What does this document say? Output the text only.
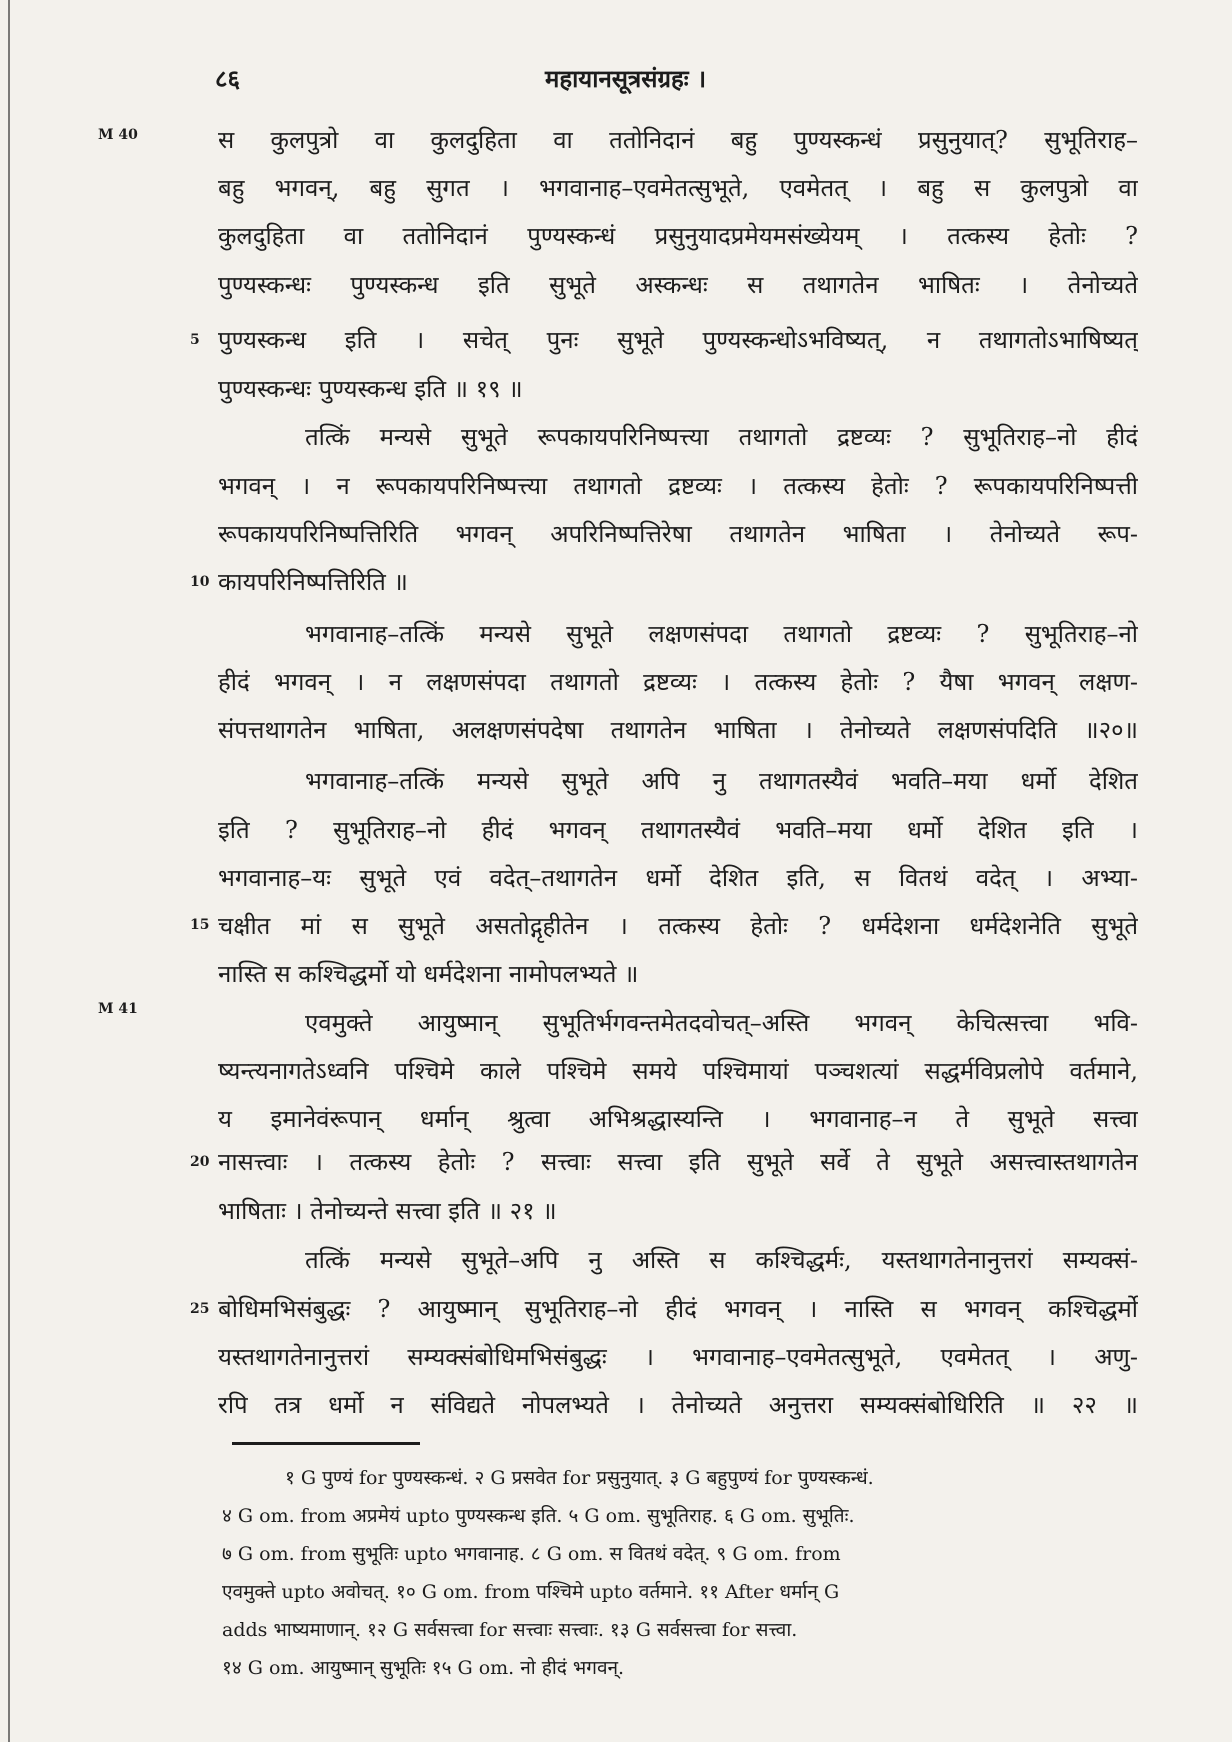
८६	महायानसूत्रसंग्रहः ।
M 40
M 41
5
10
15
20
25
स कुलपुत्रो वा कुलदुहिता वा ततोनिदानं बहु पुण्यस्कन्धं प्रसुनुयात्? सुभूतिराह–
बहु भगवन्, बहु सुगत । भगवानाह–एवमेतत्सुभूते, एवमेतत् । बहु स कुलपुत्रो वा
कुलदुहिता वा ततोनिदानं पुण्यस्कन्धं प्रसुनुयादप्रमेयमसंख्येयम् । तत्कस्य हेतोः ?
पुण्यस्कन्धः पुण्यस्कन्ध इति सुभूते अस्कन्धः स तथागतेन भाषितः । तेनोच्यते
पुण्यस्कन्ध इति । सचेत् पुनः सुभूते पुण्यस्कन्धोऽभविष्यत्, न तथागतोऽभाषिष्यत्
पुण्यस्कन्धः पुण्यस्कन्ध इति ॥ १९ ॥
तत्किं मन्यसे सुभूते रूपकायपरिनिष्पत्त्या तथागतो द्रष्टव्यः ? सुभूतिराह–नो हीदं
भगवन् । न रूपकायपरिनिष्पत्त्या तथागतो द्रष्टव्यः । तत्कस्य हेतोः ? रूपकायपरिनिष्पत्ती
रूपकायपरिनिष्पत्तिरिति भगवन् अपरिनिष्पत्तिरेषा तथागतेन भाषिता । तेनोच्यते रूप-
कायपरिनिष्पत्तिरिति ॥
भगवानाह–तत्किं मन्यसे सुभूते लक्षणसंपदा तथागतो द्रष्टव्यः ? सुभूतिराह–नो
हीदं भगवन् । न लक्षणसंपदा तथागतो द्रष्टव्यः । तत्कस्य हेतोः ? यैषा भगवन् लक्षण-
संपत्तथागतेन भाषिता, अलक्षणसंपदेषा तथागतेन भाषिता । तेनोच्यते लक्षणसंपदिति ॥२०॥
भगवानाह–तत्किं मन्यसे सुभूते अपि नु तथागतस्यैवं भवति–मया धर्मो देशित
इति ? सुभूतिराह–नो हीदं भगवन् तथागतस्यैवं भवति–मया धर्मो देशित इति ।
भगवानाह–यः सुभूते एवं वदेत्–तथागतेन धर्मो देशित इति, स वितथं वदेत् । अभ्या-
चक्षीत मां स सुभूते असतोद्गृहीतेन । तत्कस्य हेतोः ? धर्मदेशना धर्मदेशनेति सुभूते
नास्ति स कश्चिद्धर्मो यो धर्मदेशना नामोपलभ्यते ॥
एवमुक्ते आयुष्मान् सुभूतिर्भगवन्तमेतदवोचत्–अस्ति भगवन् केचित्सत्त्वा भवि-
ष्यन्त्यनागतेऽध्वनि पश्चिमे काले पश्चिमे समये पश्चिमायां पञ्चशत्यां सद्धर्मविप्रलोपे वर्तमाने,
य इमानेवंरूपान् धर्मान् श्रुत्वा अभिश्रद्धास्यन्ति । भगवानाह–न ते सुभूते सत्त्वा
नासत्त्वाः । तत्कस्य हेतोः ? सत्त्वाः सत्त्वा इति सुभूते सर्वे ते सुभूते असत्त्वास्तथागतेन
भाषिताः । तेनोच्यन्ते सत्त्वा इति ॥ २१ ॥
तत्किं मन्यसे सुभूते–अपि नु अस्ति स कश्चिद्धर्मः, यस्तथागतेनानुत्तरां सम्यक्सं-
बोधिमभिसंबुद्धः ? आयुष्मान् सुभूतिराह–नो हीदं भगवन् । नास्ति स भगवन् कश्चिद्धर्मो
यस्तथागतेनानुत्तरां सम्यक्संबोधिमभिसंबुद्धः । भगवानाह–एवमेतत्सुभूते, एवमेतत् । अणु-
रपि तत्र धर्मो न संविद्यते नोपलभ्यते । तेनोच्यते अनुत्तरा सम्यक्संबोधिरिति ॥ २२ ॥
१ G पुण्यं for पुण्यस्कन्धं. २ G प्रसवेत for प्रसुनुयात्. ३ G बहुपुण्यं for पुण्यस्कन्धं.
४ G om. from अप्रमेयं upto पुण्यस्कन्ध इति. ५ G om. सुभूतिराह. ६ G om. सुभूतिः.
७ G om. from सुभूतिः upto भगवानाह. ८ G om. स वितथं वदेत्. ९ G om. from
एवमुक्ते upto अवोचत्. १० G om. from पश्चिमे upto वर्तमाने. ११ After धर्मान् G
adds भाष्यमाणान्. १२ G सर्वसत्त्वा for सत्त्वाः सत्त्वाः. १३ G सर्वसत्त्वा for सत्त्वा.
१४ G om. आयुष्मान् सुभूतिः १५ G om. नो हीदं भगवन्.
